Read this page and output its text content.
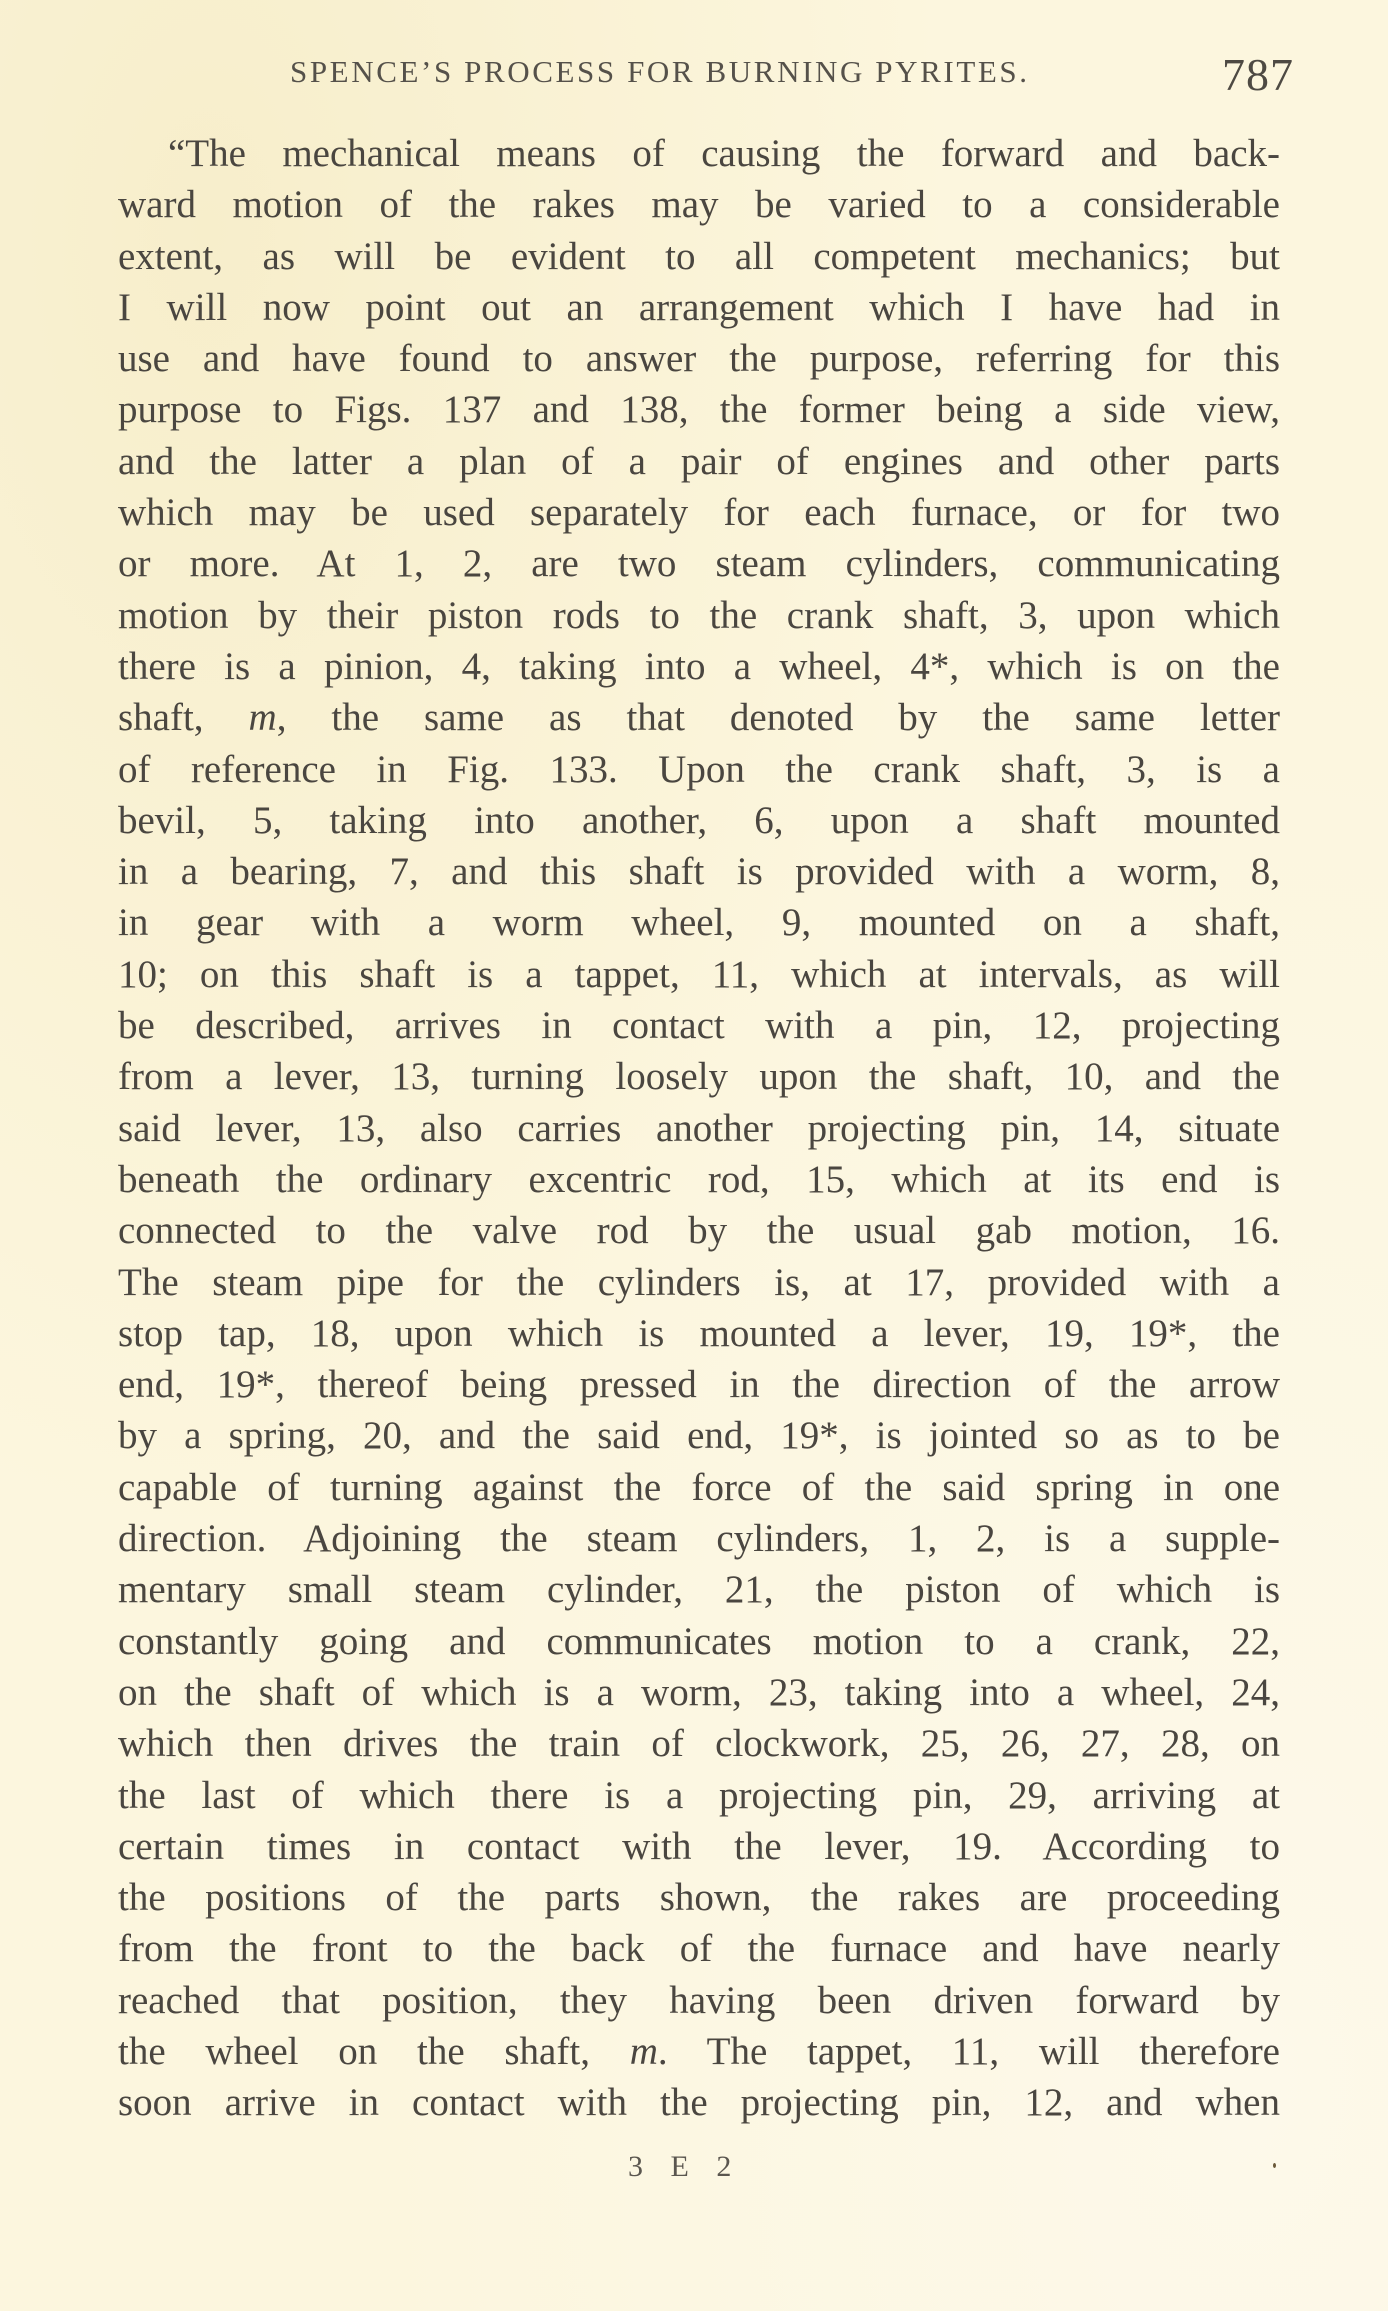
SPENCE’S PROCESS FOR BURNING PYRITES.	787
“The mechanical means of causing the forward and back-
ward motion of the rakes may be varied to a considerable
extent, as will be evident to all competent mechanics; but
I will now point out an arrangement which I have had in
use and have found to answer the purpose, referring for this
purpose to Figs. 137 and 138, the former being a side view,
and the latter a plan of a pair of engines and other parts
which may be used separately for each furnace, or for two
or more. At 1, 2, are two steam cylinders, communicating
motion by their piston rods to the crank shaft, 3, upon which
there is a pinion, 4, taking into a wheel, 4*, which is on the
shaft, m, the same as that denoted by the same letter
of reference in Fig. 133. Upon the crank shaft, 3, is a
bevil, 5, taking into another, 6, upon a shaft mounted
in a bearing, 7, and this shaft is provided with a worm, 8,
in gear with a worm wheel, 9, mounted on a shaft,
10; on this shaft is a tappet, 11, which at intervals, as will
be described, arrives in contact with a pin, 12, projecting
from a lever, 13, turning loosely upon the shaft, 10, and the
said lever, 13, also carries another projecting pin, 14, situate
beneath the ordinary excentric rod, 15, which at its end is
connected to the valve rod by the usual gab motion, 16.
The steam pipe for the cylinders is, at 17, provided with a
stop tap, 18, upon which is mounted a lever, 19, 19*, the
end, 19*, thereof being pressed in the direction of the arrow
by a spring, 20, and the said end, 19*, is jointed so as to be
capable of turning against the force of the said spring in one
direction. Adjoining the steam cylinders, 1, 2, is a supple-
mentary small steam cylinder, 21, the piston of which is
constantly going and communicates motion to a crank, 22,
on the shaft of which is a worm, 23, taking into a wheel, 24,
which then drives the train of clockwork, 25, 26, 27, 28, on
the last of which there is a projecting pin, 29, arriving at
certain times in contact with the lever, 19. According to
the positions of the parts shown, the rakes are proceeding
from the front to the back of the furnace and have nearly
reached that position, they having been driven forward by
the wheel on the shaft, m. The tappet, 11, will therefore
soon arrive in contact with the projecting pin, 12, and when
3 E 2
